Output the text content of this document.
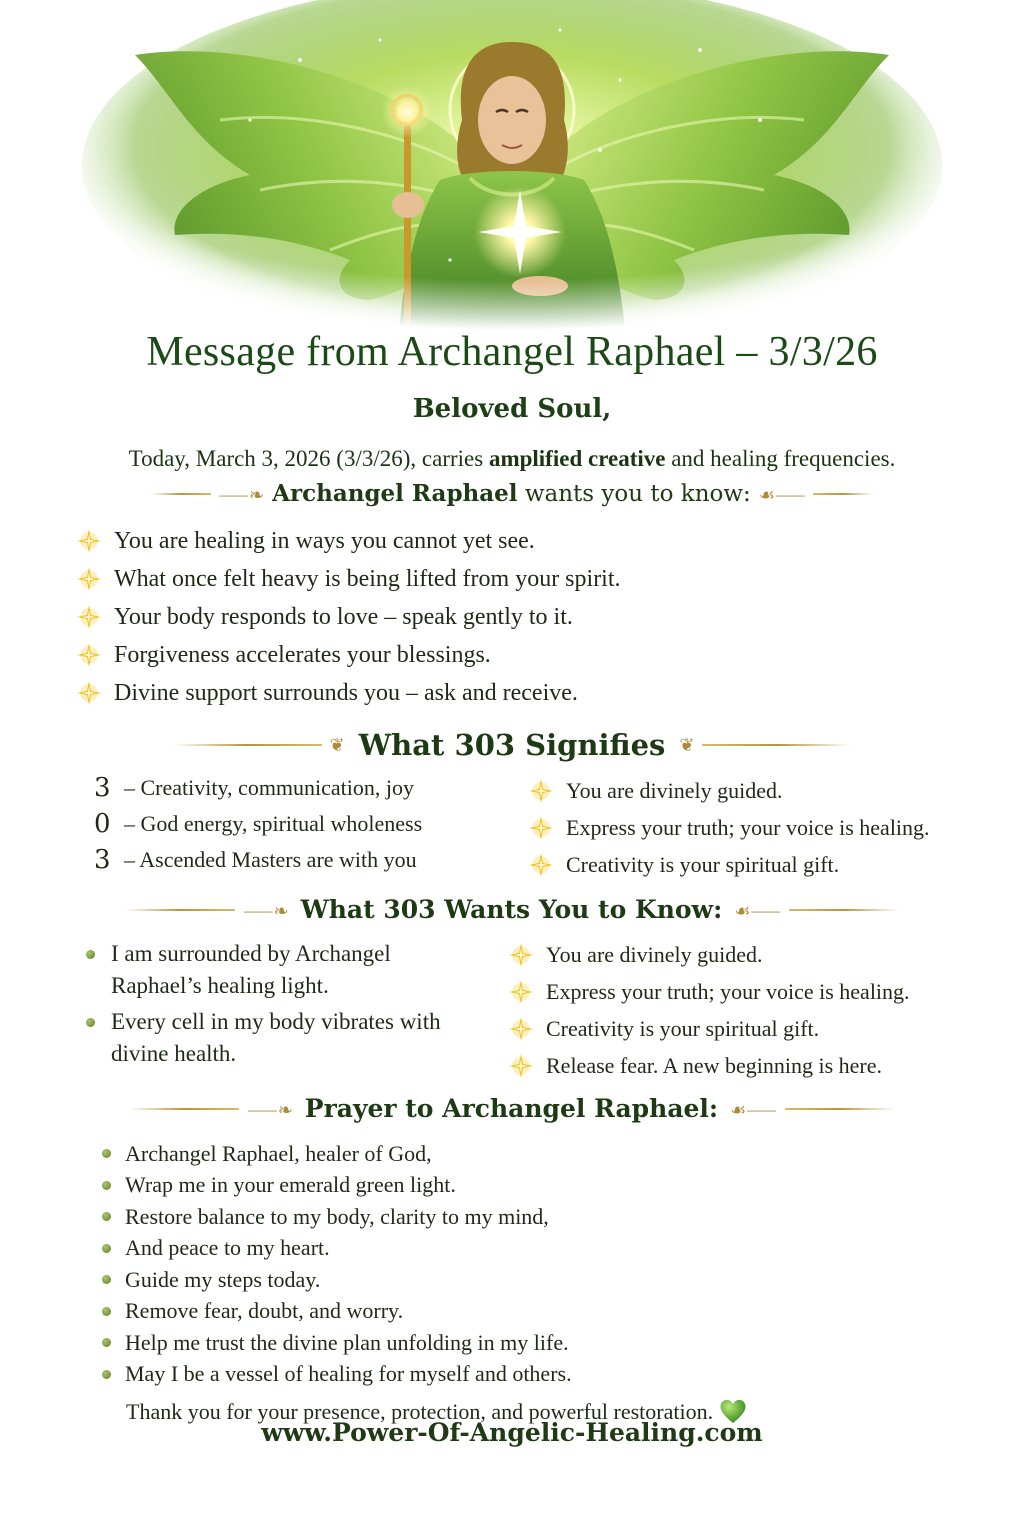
Message from Archangel Raphael – 3/3/26
Beloved Soul,
Today, March 3, 2026 (3/3/26), carries amplified creative and healing frequencies.
⸺❧ Archangel Raphael wants you to know: ☙⸺
You are healing in ways you cannot yet see.
What once felt heavy is being lifted from your spirit.
Your body responds to love – speak gently to it.
Forgiveness accelerates your blessings.
Divine support surrounds you – ask and receive.
❦ What 303 Signifies ❦
3 – Creativity, communication, joy
0 – God energy, spiritual wholeness
3 – Ascended Masters are with you
You are divinely guided.
Express your truth; your voice is healing.
Creativity is your spiritual gift.
⸺❧ What 303 Wants You to Know: ☙⸺
I am surrounded by Archangel Raphael’s healing light.
Every cell in my body vibrates with divine health.
You are divinely guided.
Express your truth; your voice is healing.
Creativity is your spiritual gift.
Release fear. A new beginning is here.
⸺❧ Prayer to Archangel Raphael: ☙⸺
Archangel Raphael, healer of God,
Wrap me in your emerald green light.
Restore balance to my body, clarity to my mind,
And peace to my heart.
Guide my steps today.
Remove fear, doubt, and worry.
Help me trust the divine plan unfolding in my life.
May I be a vessel of healing for myself and others.
Thank you for your presence, protection, and powerful restoration.
www.Power-Of-Angelic-Healing.com
